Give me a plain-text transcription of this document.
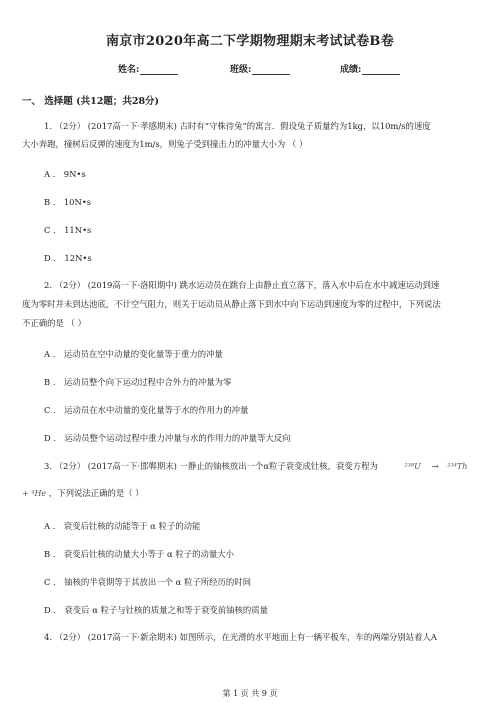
南京市2020年高二下学期物理期末考试试卷B卷
姓名:	班级:	成绩:
一、 选择题 (共12题；共28分)
1. （2分） (2017高一下·孝感期末) 古时有“守株待兔”的寓言．假设兔子质量约为1kg，以10m/s的速度
大小奔跑，撞树后反弹的速度为1m/s，则兔子受到撞击力的冲量大小为 （ ）
A ． 9N•s
B ． 10N•s
C ． 11N•s
D ． 12N•s
2. （2分） (2019高一下·洛阳期中) 跳水运动员在跳台上由静止直立落下，落入水中后在水中减速运动到速
度为零时并未到达池底，不计空气阻力，则关于运动员从静止落下到水中向下运动到速度为零的过程中，下列说法
不正确的是 （ ）
A ． 运动员在空中动量的变化量等于重力的冲量
B ． 运动员整个向下运动过程中合外力的冲量为零
C ． 运动员在水中动量的变化量等于水的作用力的冲量
D ． 运动员整个运动过程中重力冲量与水的作用力的冲量等大反向
3. （2分） (2017高一下·邯郸期末) 一静止的铀核放出一个α粒子衰变成钍核，衰变方程为	²³⁸U → ²³⁴Th
+ ⁴He ，下列说法正确的是（ ）
A ． 衰变后钍核的动能等于 α 粒子的动能
B ． 衰变后钍核的动量大小等于 α 粒子的动量大小
C ． 铀核的半衰期等于其放出一个 α 粒子所经历的时间
D ． 衰变后 α 粒子与钍核的质量之和等于衰变前铀核的质量
4. （2分） (2017高一下·新余期末) 如图所示，在光滑的水平地面上有一辆平板车，车的两端分别站着人A
第 1 页 共 9 页
